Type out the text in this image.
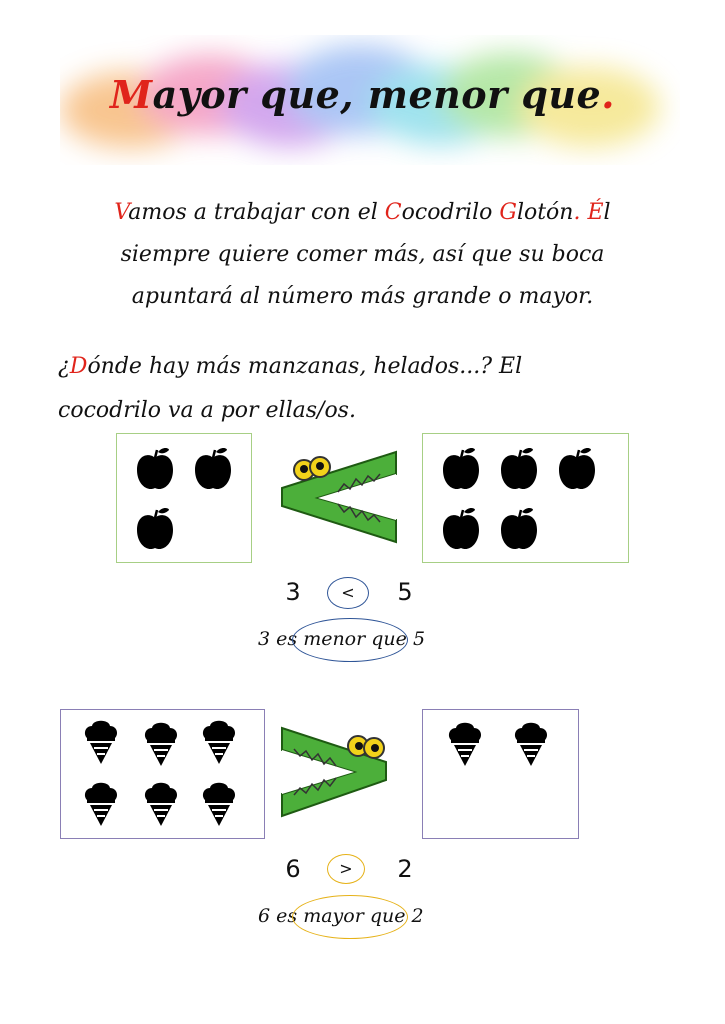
Mayor que, menor que.
Vamos a trabajar con el Cocodrilo Glotón. Él
siempre quiere comer más, así que su boca
apuntará al número más grande o mayor.
¿Dónde hay más manzanas, helados...? El
cocodrilo va a por ellas/os.
3	<	5
3 es menor que 5
6	>	2
6 es mayor que 2
